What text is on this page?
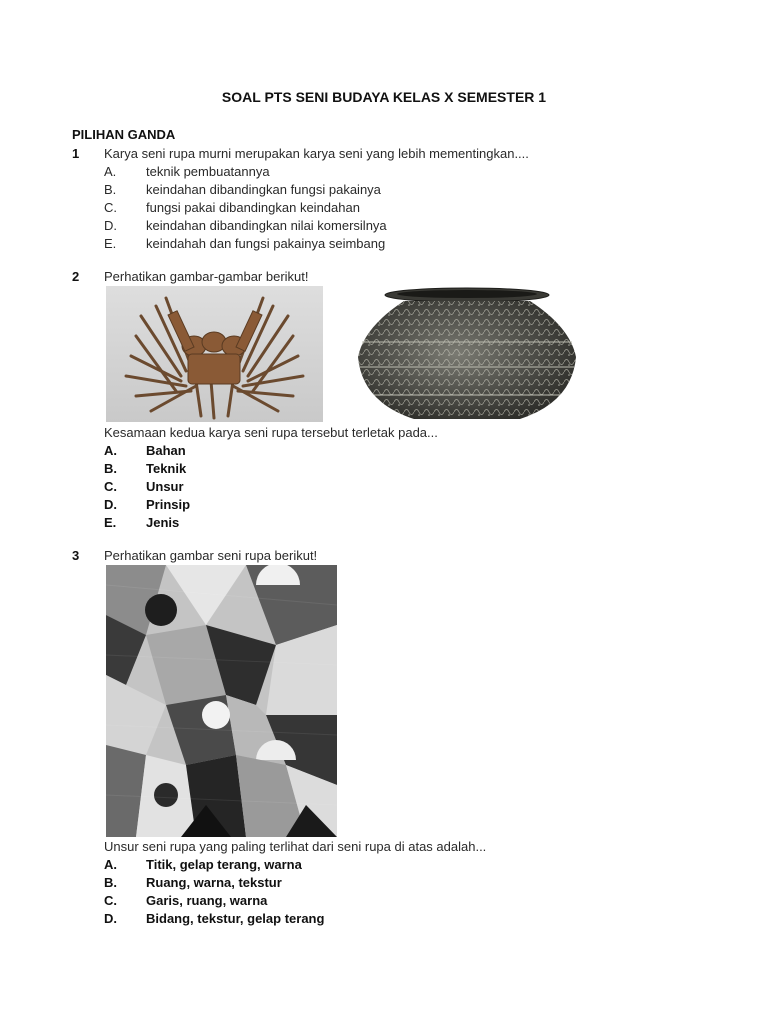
SOAL PTS SENI BUDAYA KELAS X SEMESTER 1
PILIHAN GANDA
1 Karya seni rupa murni merupakan karya seni yang lebih mementingkan....
A. teknik pembuatannya
B. keindahan dibandingkan fungsi pakainya
C. fungsi pakai dibandingkan keindahan
D. keindahan dibandingkan nilai komersilnya
E. keindahah dan fungsi pakainya seimbang
2 Perhatikan gambar-gambar berikut!
Kesamaan kedua karya seni rupa tersebut terletak pada...
A. Bahan
B. Teknik
C. Unsur
D. Prinsip
E. Jenis
3 Perhatikan gambar seni rupa berikut!
Unsur seni rupa yang paling terlihat dari seni rupa di atas adalah...
A. Titik, gelap terang, warna
B. Ruang, warna, tekstur
C. Garis, ruang, warna
D. Bidang, tekstur, gelap terang
